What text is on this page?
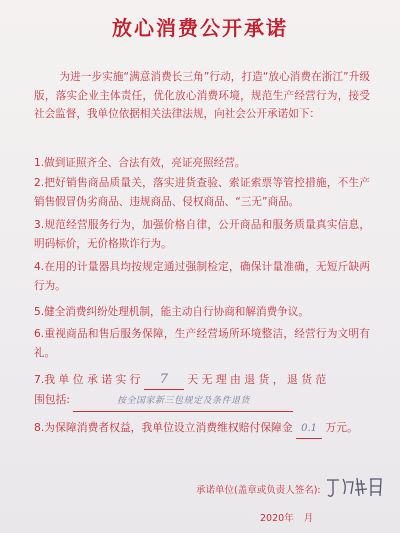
放心消费公开承诺

为进一步实施“满意消费长三角”行动，打造“放心消费在浙江”升级版，落实企业主体责任，优化放心消费环境，规范生产经营行为，接受社会监督，我单位依据相关法律法规，向社会公开承诺如下：

1.做到证照齐全、合法有效，亮证亮照经营。

2.把好销售商品质量关，落实进货查验、索证索票等管控措施，不生产销售假冒伪劣商品、违规商品、侵权商品、“三无”商品。

3.规范经营服务行为，加强价格自律，公开商品和服务质量真实信息，明码标价，无价格欺诈行为。

4.在用的计量器具均按规定通过强制检定，确保计量准确，无短斤缺两行为。

5.健全消费纠纷处理机制，能主动自行协商和解消费争议。

6.重视商品和售后服务保障，生产经营场所环境整洁，经营行为文明有礼。

7.我 单 位 承 诺 实 行 7 天 无 理 由 退 货 ， 退 货 范
围包括:	按全国家新三包规定及条件退货

8.为保障消费者权益，我单位设立消费维权赔付保障金 0.1 万元。

承诺单位(盖章或负责人签名):
2020年 月
